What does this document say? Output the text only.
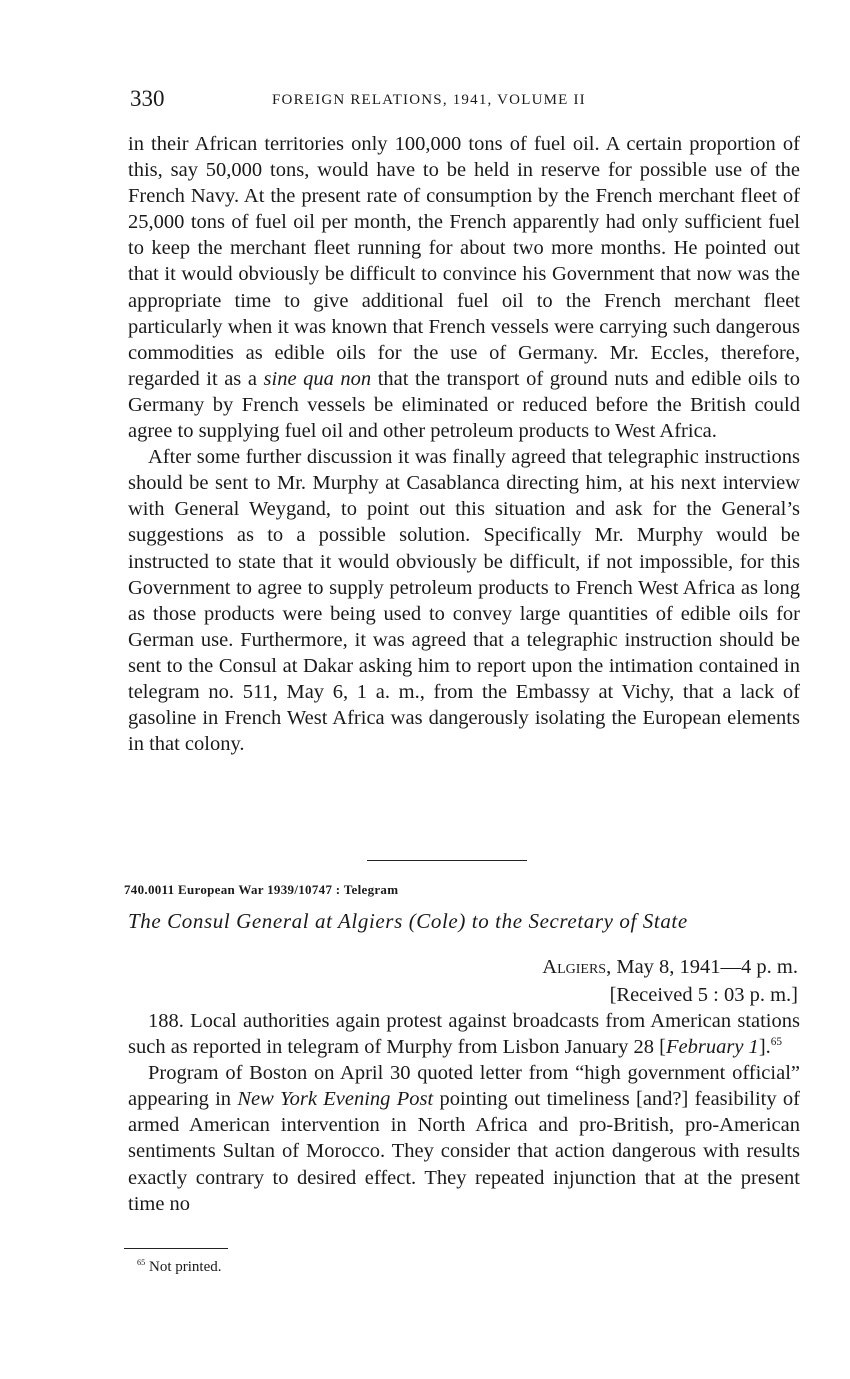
330	FOREIGN RELATIONS, 1941, VOLUME II

in their African territories only 100,000 tons of fuel oil. A certain proportion of this, say 50,000 tons, would have to be held in reserve for possible use of the French Navy. At the present rate of consumption by the French merchant fleet of 25,000 tons of fuel oil per month, the French apparently had only sufficient fuel to keep the merchant fleet running for about two more months. He pointed out that it would obviously be difficult to convince his Government that now was the appropriate time to give additional fuel oil to the French merchant fleet particularly when it was known that French vessels were carrying such dangerous commodities as edible oils for the use of Germany. Mr. Eccles, therefore, regarded it as a sine qua non that the transport of ground nuts and edible oils to Germany by French vessels be eliminated or reduced before the British could agree to supplying fuel oil and other petroleum products to West Africa.

After some further discussion it was finally agreed that telegraphic instructions should be sent to Mr. Murphy at Casablanca directing him, at his next interview with General Weygand, to point out this situation and ask for the General’s suggestions as to a possible solution. Specifically Mr. Murphy would be instructed to state that it would obviously be difficult, if not impossible, for this Government to agree to supply petroleum products to French West Africa as long as those products were being used to convey large quantities of edible oils for German use. Furthermore, it was agreed that a telegraphic instruction should be sent to the Consul at Dakar asking him to report upon the intimation contained in telegram no. 511, May 6, 1 a. m., from the Embassy at Vichy, that a lack of gasoline in French West Africa was dangerously isolating the European elements in that colony.

740.0011 European War 1939/10747 : Telegram
The Consul General at Algiers (Cole) to the Secretary of State
Algiers, May 8, 1941—4 p. m.
[Received 5 : 03 p. m.]

188. Local authorities again protest against broadcasts from American stations such as reported in telegram of Murphy from Lisbon January 28 [February 1].$^{65}$

Program of Boston on April 30 quoted letter from “high government official” appearing in New York Evening Post pointing out timeliness [and?] feasibility of armed American intervention in North Africa and pro-British, pro-American sentiments Sultan of Morocco. They consider that action dangerous with results exactly contrary to desired effect. They repeated injunction that at the present time no

$^{65}$ Not printed.
